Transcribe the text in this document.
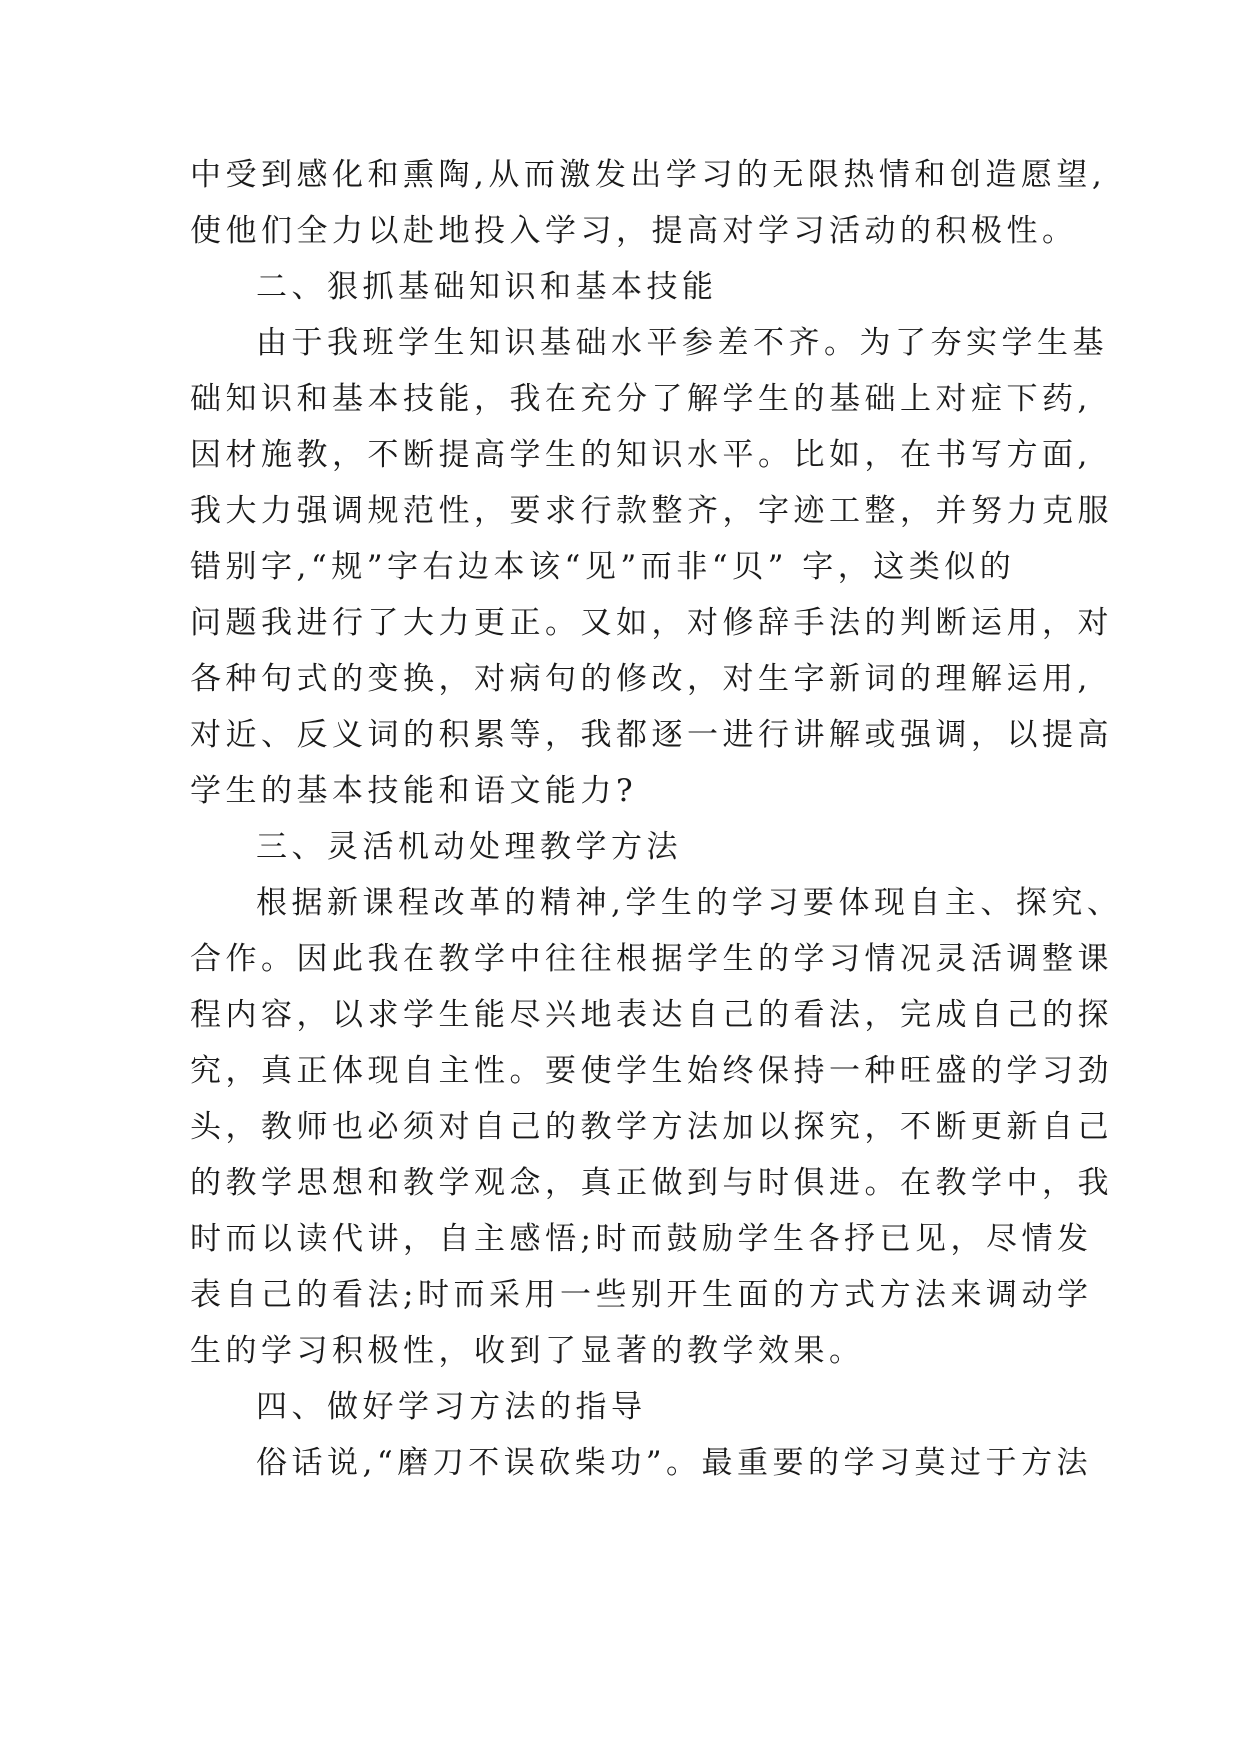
中受到感化和熏陶,从而激发出学习的无限热情和创造愿望,
使他们全力以赴地投入学习，提高对学习活动的积极性。
二、狠抓基础知识和基本技能
由于我班学生知识基础水平参差不齐。为了夯实学生基
础知识和基本技能，我在充分了解学生的基础上对症下药,
因材施教，不断提高学生的知识水平。比如，在书写方面,
我大力强调规范性，要求行款整齐，字迹工整，并努力克服
错别字,“规”字右边本该“见”而非“贝” 字，这类似的
问题我进行了大力更正。又如，对修辞手法的判断运用，对
各种句式的变换，对病句的修改，对生字新词的理解运用,
对近、反义词的积累等，我都逐一进行讲解或强调，以提高
学生的基本技能和语文能力?
三、灵活机动处理教学方法
根据新课程改革的精神,学生的学习要体现自主、探究、
合作。因此我在教学中往往根据学生的学习情况灵活调整课
程内容，以求学生能尽兴地表达自己的看法，完成自己的探
究，真正体现自主性。要使学生始终保持一种旺盛的学习劲
头，教师也必须对自己的教学方法加以探究，不断更新自己
的教学思想和教学观念，真正做到与时俱进。在教学中，我
时而以读代讲，自主感悟;时而鼓励学生各抒已见，尽情发
表自己的看法;时而采用一些别开生面的方式方法来调动学
生的学习积极性，收到了显著的教学效果。
四、做好学习方法的指导
俗话说,“磨刀不误砍柴功”。最重要的学习莫过于方法
